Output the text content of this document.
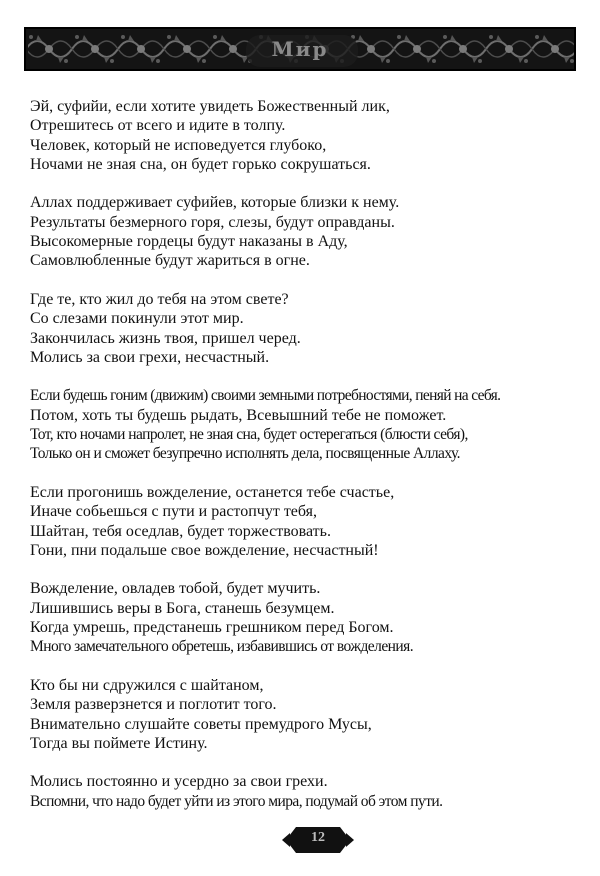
Мир
Эй, суфийи, если хотите увидеть Божественный лик,
Отрешитесь от всего и идите в толпу.
Человек, который не исповедуется глубоко,
Ночами не зная сна, он будет горько сокрушаться.
Аллах поддерживает суфийев, которые близки к нему.
Результаты безмерного горя, слезы, будут оправданы.
Высокомерные гордецы будут наказаны в Аду,
Самовлюбленные будут жариться в огне.
Где те, кто жил до тебя на этом свете?
Со слезами покинули этот мир.
Закончилась жизнь твоя, пришел черед.
Молись за свои грехи, несчастный.
Если будешь гоним (движим) своими земными потребностями, пеняй на себя.
Потом, хоть ты будешь рыдать, Всевышний тебе не поможет.
Тот, кто ночами напролет, не зная сна, будет остерегаться (блюсти себя),
Только он и сможет безупречно исполнять дела, посвященные Аллаху.
Если прогонишь вожделение, останется тебе счастье,
Иначе собьешься с пути и растопчут тебя,
Шайтан, тебя оседлав, будет торжествовать.
Гони, пни подальше свое вожделение, несчастный!
Вожделение, овладев тобой, будет мучить.
Лишившись веры в Бога, станешь безумцем.
Когда умрешь, предстанешь грешником перед Богом.
Много замечательного обретешь, избавившись от вожделения.
Кто бы ни сдружился с шайтаном,
Земля разверзнется и поглотит того.
Внимательно слушайте советы премудрого Мусы,
Тогда вы поймете Истину.
Молись постоянно и усердно за свои грехи.
Вспомни, что надо будет уйти из этого мира, подумай об этом пути.
12
